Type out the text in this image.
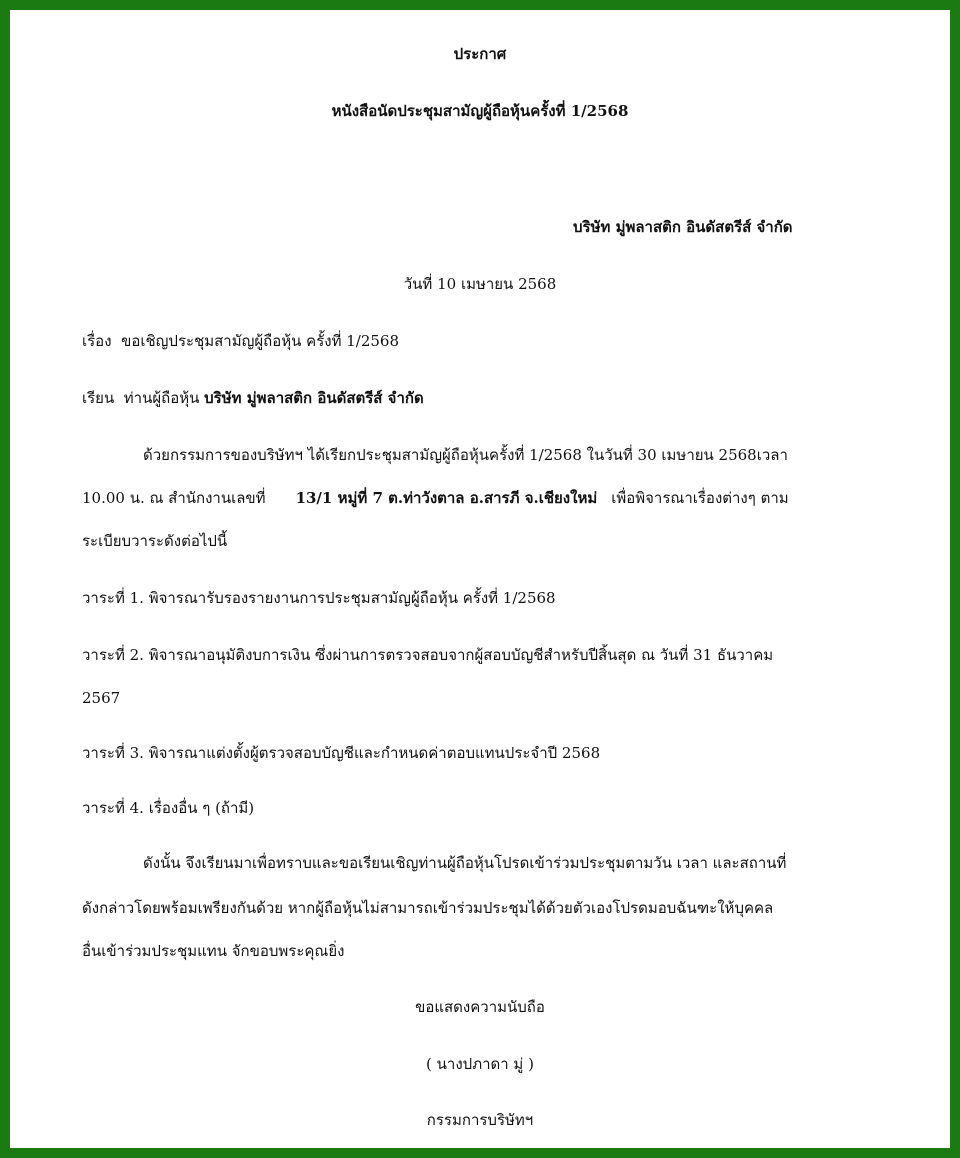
ประกาศ
หนังสือนัดประชุมสามัญผู้ถือหุ้นครั้งที่ 1/2568
บริษัท มู่พลาสติก อินดัสตรีส์ จำกัด
วันที่ 10 เมษายน 2568
เรื่อง ขอเชิญประชุมสามัญผู้ถือหุ้น ครั้งที่ 1/2568
เรียน ท่านผู้ถือหุ้น บริษัท มู่พลาสติก อินดัสตรีส์ จำกัด
ด้วยกรรมการของบริษัทฯ ได้เรียกประชุมสามัญผู้ถือหุ้นครั้งที่ 1/2568 ในวันที่ 30 เมษายน 2568เวลา
10.00 น. ณ สำนักงานเลขที่ 13/1 หมู่ที่ 7 ต.ท่าวังตาล อ.สารภี จ.เชียงใหม่ เพื่อพิจารณาเรื่องต่างๆ ตาม
ระเบียบวาระดังต่อไปนี้
วาระที่ 1. พิจารณารับรองรายงานการประชุมสามัญผู้ถือหุ้น ครั้งที่ 1/2568
วาระที่ 2. พิจารณาอนุมัติงบการเงิน ซึ่งผ่านการตรวจสอบจากผู้สอบบัญชีสำหรับปีสิ้นสุด ณ วันที่ 31 ธันวาคม
2567
วาระที่ 3. พิจารณาแต่งตั้งผู้ตรวจสอบบัญชีและกำหนดค่าตอบแทนประจำปี 2568
วาระที่ 4. เรื่องอื่น ๆ (ถ้ามี)
ดังนั้น จึงเรียนมาเพื่อทราบและขอเรียนเชิญท่านผู้ถือหุ้นโปรดเข้าร่วมประชุมตามวัน เวลา และสถานที่
ดังกล่าวโดยพร้อมเพรียงกันด้วย หากผู้ถือหุ้นไม่สามารถเข้าร่วมประชุมได้ด้วยตัวเองโปรดมอบฉันฑะให้บุคคล
อื่นเข้าร่วมประชุมแทน จักขอบพระคุณยิ่ง
ขอแสดงความนับถือ
( นางปภาดา มู่ )
กรรมการบริษัทฯ
